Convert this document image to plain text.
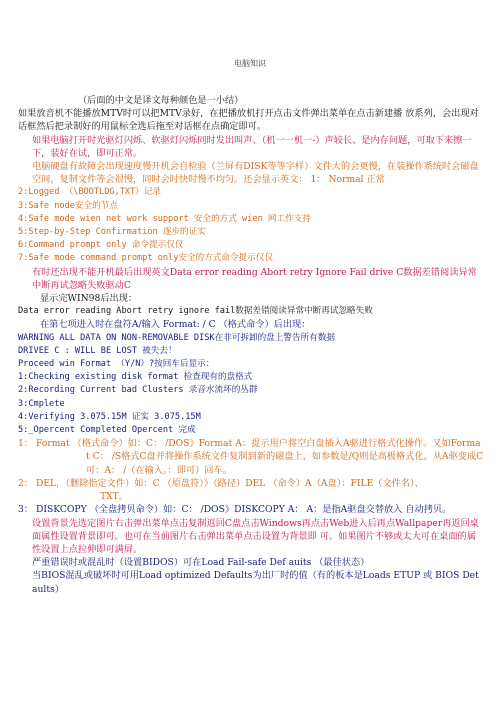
电脑知识

（后面的中文是译文每种颜色是一小结）

如果放音机不能播放MTV时可以把MTV录好，在把播放机打开点击文件弹出菜单在点击新建播 放系列，会出现对话框然后把录制好的用鼠标全选后拖至对话框在点确定即可。

如果电脑打开时光驱灯闪烁、软驱灯闪烁同时发出叫声、（机一一机一-）声较长、是内存问题，可取下来擦一下，装好在试，即可正常。

电脑硬盘有故障会出现速度慢开机会自检验（兰屏有DISK等等字样）文件大的会更慢，在装操作系统时会磁盘空间，复制文件等会很慢，同时会时快时慢不均匀。还会显示英文： 1： Normal 正常

2:Logged （\BOOTLDG,TXT）记录

3:Safe node安全的节点

4:Safe mode wien net work support 安全的方式 wien 网工作支持

5:Step-by-Step Confirmation 逐步的证实

6:Command prompt only 命令提示仅仅

7:Safe mode command prompt only安全的方式命令提示仅仅

有时还出现不能开机最后出现英文Data error reading Abort retry Ignore Fail drive C数据差错阅读异常中断再试忽略失败驱动C

显示完WIN98后出现：

Data error reading Abort retry ignore fail数据差错阅读异常中断再试忽略失败

在第七项进入时在盘符A/输入 Format: / C （格式命令）后出现：

WARNING ALL DATA ON NON-REMOVABLE DISK在非可拆卸的盘上警告所有数据

DRIVEE C : WILL BE LOST 被失去！

Proceed win Format （Y/N）?按回车后显示：

1:Checking existing disk format 检查现有的盘格式

2:Recording Current bad Clusters 录音水流坏的丛群

3:Cmplete

4:Verifying 3.075.15M 证实 3.075.15M

5:_Opercent Completed Opercent 完成

1： Format （格式命令）如：C： /DOS》Format A：提示用户将空白盘插入A驱进行格式化操作。又如Format C： /S格式C盘并将操作系统文件复制到新的磁盘上，如参数是/Q则是高极格式化。从A驱变成C可：A： /（在输入。：即可）回车。

2： DEL，（删除指定文件）如：C （原盘符）》（路径）DEL （命令）A（A盘）：FILE（文件名）、

TXT。

3： DISKCOPY （全盘拷贝命令）如：C： /DOS》DISKCOPY A： A：是指A驱盘交替放入 自动拷贝。

设置背景先选定图片右击弹出菜单点击复制返回C盘点击Windows再点击Web进入后再点Wallpaper再返回桌面属性设置背景即可。也可在当前图片右击弹出菜单点击设置为背景即 可。如果图片不够或太大可在桌面的属性设置上点拉伸即可满屏。

严重错误时或混乱时（设置BIDOS）可在Load Fail-safe Def auits （最佳状态）

当BIOS混乱或破坏时可用Load optimized Defaults为出厂时的值（有的板本是Loads ETUP 或 BIOS Detaults）
